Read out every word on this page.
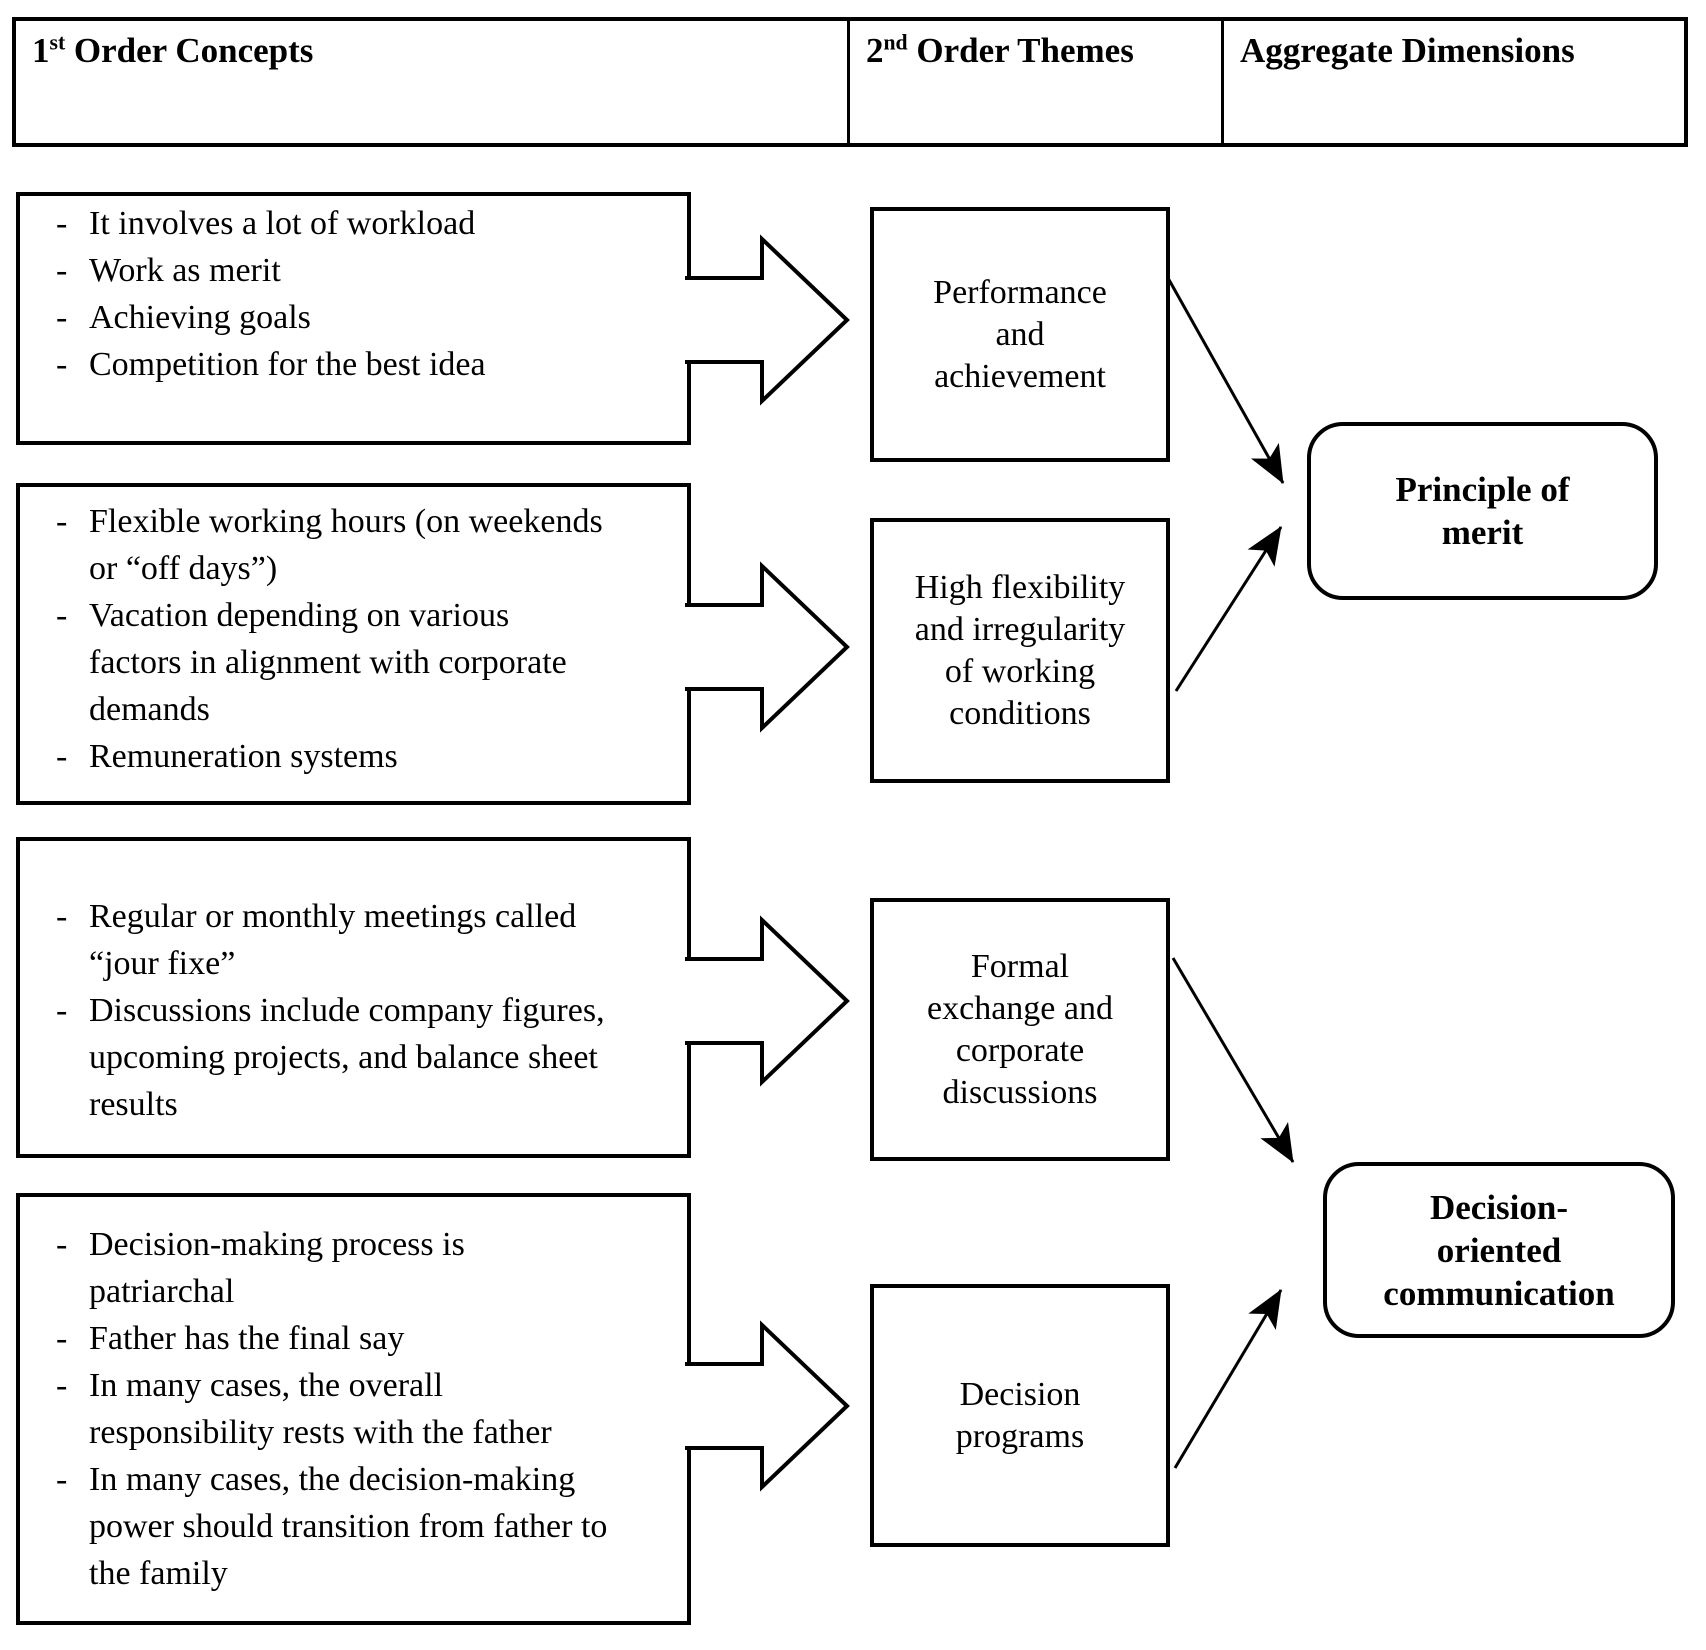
1st Order Concepts	2nd Order Themes	Aggregate Dimensions
- It involves a lot of workload
- Work as merit
- Achieving goals
- Competition for the best idea
- Flexible working hours (on weekends
or “off days”)
- Vacation depending on various
factors in alignment with corporate
demands
- Remuneration systems
- Regular or monthly meetings called
“jour fixe”
- Discussions include company figures,
upcoming projects, and balance sheet
results
- Decision-making process is
patriarchal
- Father has the final say
- In many cases, the overall
responsibility rests with the father
- In many cases, the decision-making
power should transition from father to
the family
Performance
and
achievement
High flexibility
and irregularity
of working
conditions
Formal
exchange and
corporate
discussions
Decision
programs
Principle of
merit
Decision-
oriented
communication
